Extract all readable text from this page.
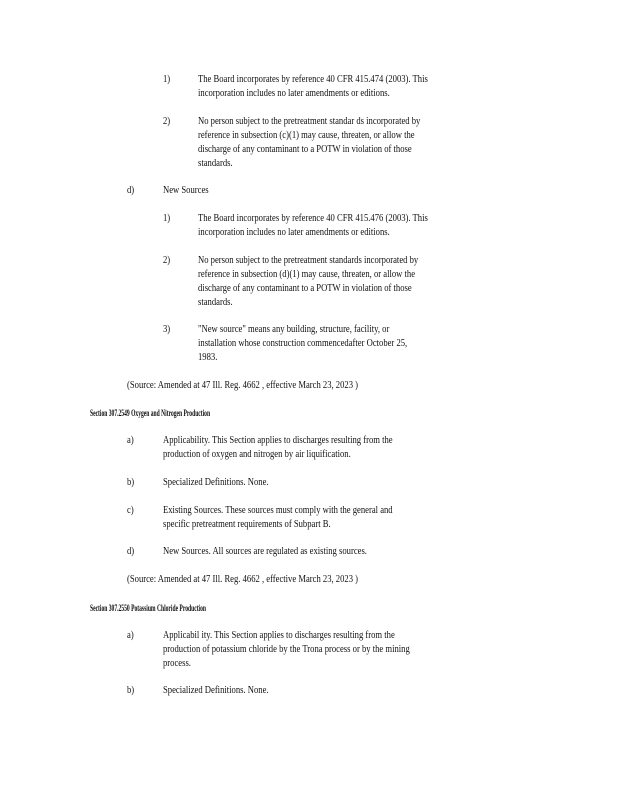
1)	The Board incorporates by reference 40 CFR 415.474 (2003). This
incorporation includes no later amendments or editions.
2)	No person subject to the pretreatment standar ds incorporated by
reference in subsection (c)(1) may cause, threaten, or allow the
discharge of any contaminant to a POTW in violation of those
standards.
d)	New Sources
1)	The Board incorporates by reference 40 CFR 415.476 (2003). This
incorporation includes no later amendments or editions.
2)	No person subject to the pretreatment standards incorporated by
reference in subsection (d)(1) may cause, threaten, or allow the
discharge of any contaminant to a POTW in violation of those
standards.
3)	"New source" means any building, structure, facility, or
installation whose construction commencedafter October 25,
1983.
(Source: Amended at 47 Ill. Reg. 4662 , effective March 23, 2023 )
Section 307.2549 Oxygen and Nitrogen Production
a)	Applicability. This Section applies to discharges resulting from the
production of oxygen and nitrogen by air liquification.
b)	Specialized Definitions. None.
c)	Existing Sources. These sources must comply with the general and
specific pretreatment requirements of Subpart B.
d)	New Sources. All sources are regulated as existing sources.
(Source: Amended at 47 Ill. Reg. 4662 , effective March 23, 2023 )
Section 307.2550 Potassium Chloride Production
a)	Applicabil ity. This Section applies to discharges resulting from the
production of potassium chloride by the Trona process or by the mining
process.
b)	Specialized Definitions. None.
